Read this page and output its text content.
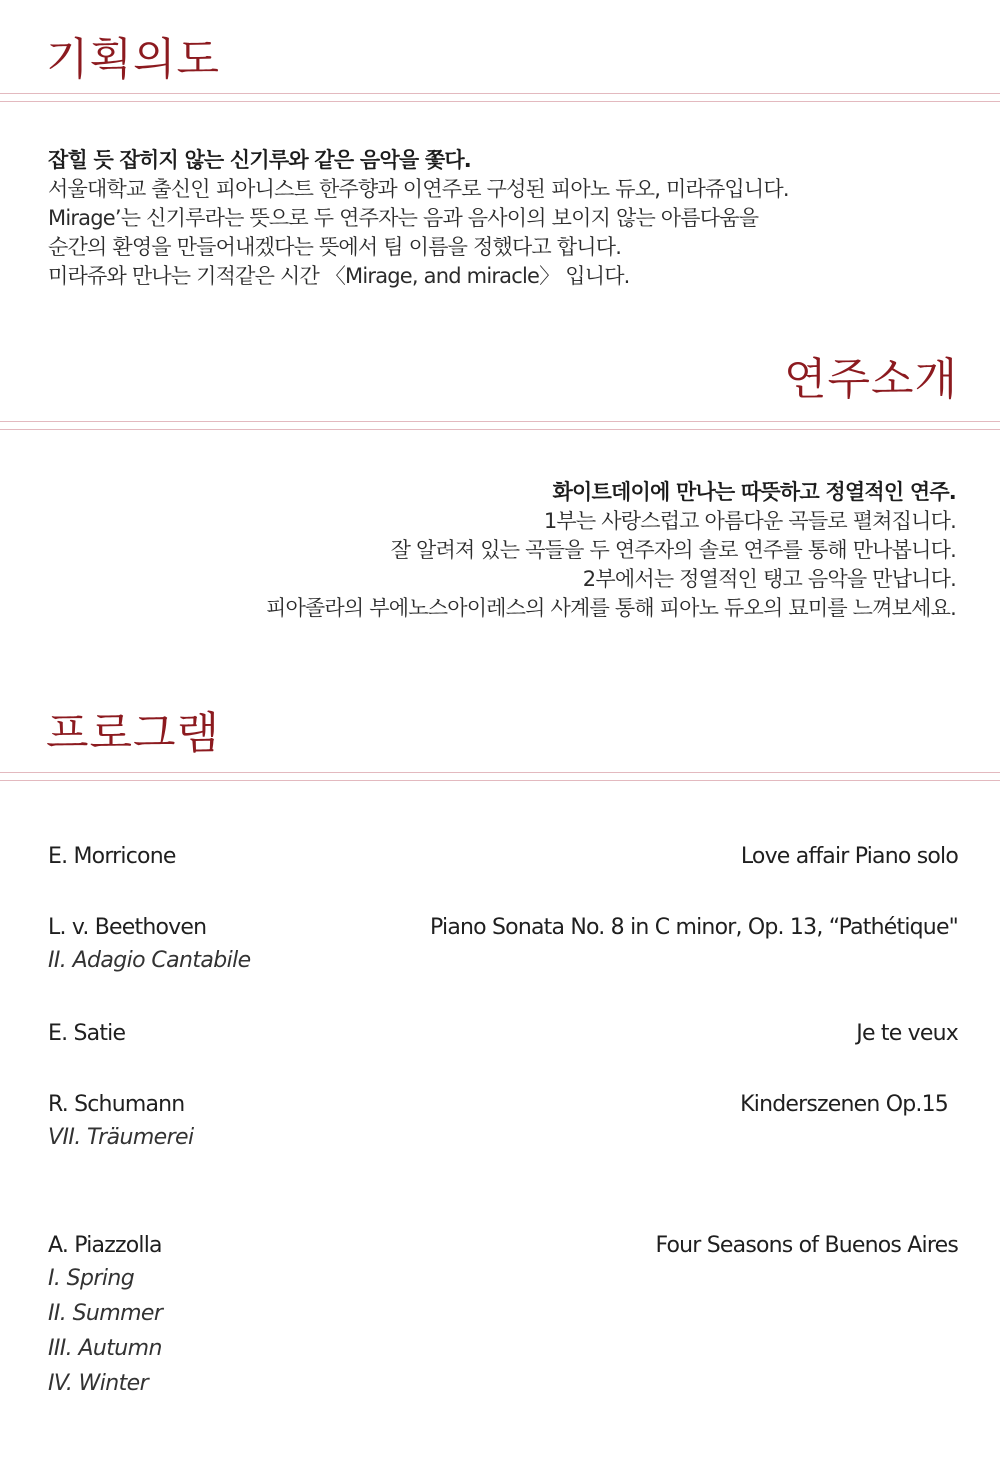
기획의도
잡힐 듯 잡히지 않는 신기루와 같은 음악을 쫓다.
서울대학교 출신인 피아니스트 한주향과 이연주로 구성된 피아노 듀오, 미라쥬입니다.
Mirage’는 신기루라는 뜻으로 두 연주자는 음과 음사이의 보이지 않는 아름다움을
순간의 환영을 만들어내겠다는 뜻에서 팀 이름을 정했다고 합니다.
미라쥬와 만나는 기적같은 시간 〈Mirage, and miracle〉 입니다.
연주소개
화이트데이에 만나는 따뜻하고 정열적인 연주.
1부는 사랑스럽고 아름다운 곡들로 펼쳐집니다.
잘 알려져 있는 곡들을 두 연주자의 솔로 연주를 통해 만나봅니다.
2부에서는 정열적인 탱고 음악을 만납니다.
피아졸라의 부에노스아이레스의 사계를 통해 피아노 듀오의 묘미를 느껴보세요.
프로그램
E. Morricone	Love affair Piano solo
L. v. Beethoven	Piano Sonata No. 8 in C minor, Op. 13, “Pathétique"
II. Adagio Cantabile
E. Satie	Je te veux
R. Schumann	Kinderszenen Op.15
VII. Träumerei
A. Piazzolla	Four Seasons of Buenos Aires
I. Spring
II. Summer
III. Autumn
IV. Winter
